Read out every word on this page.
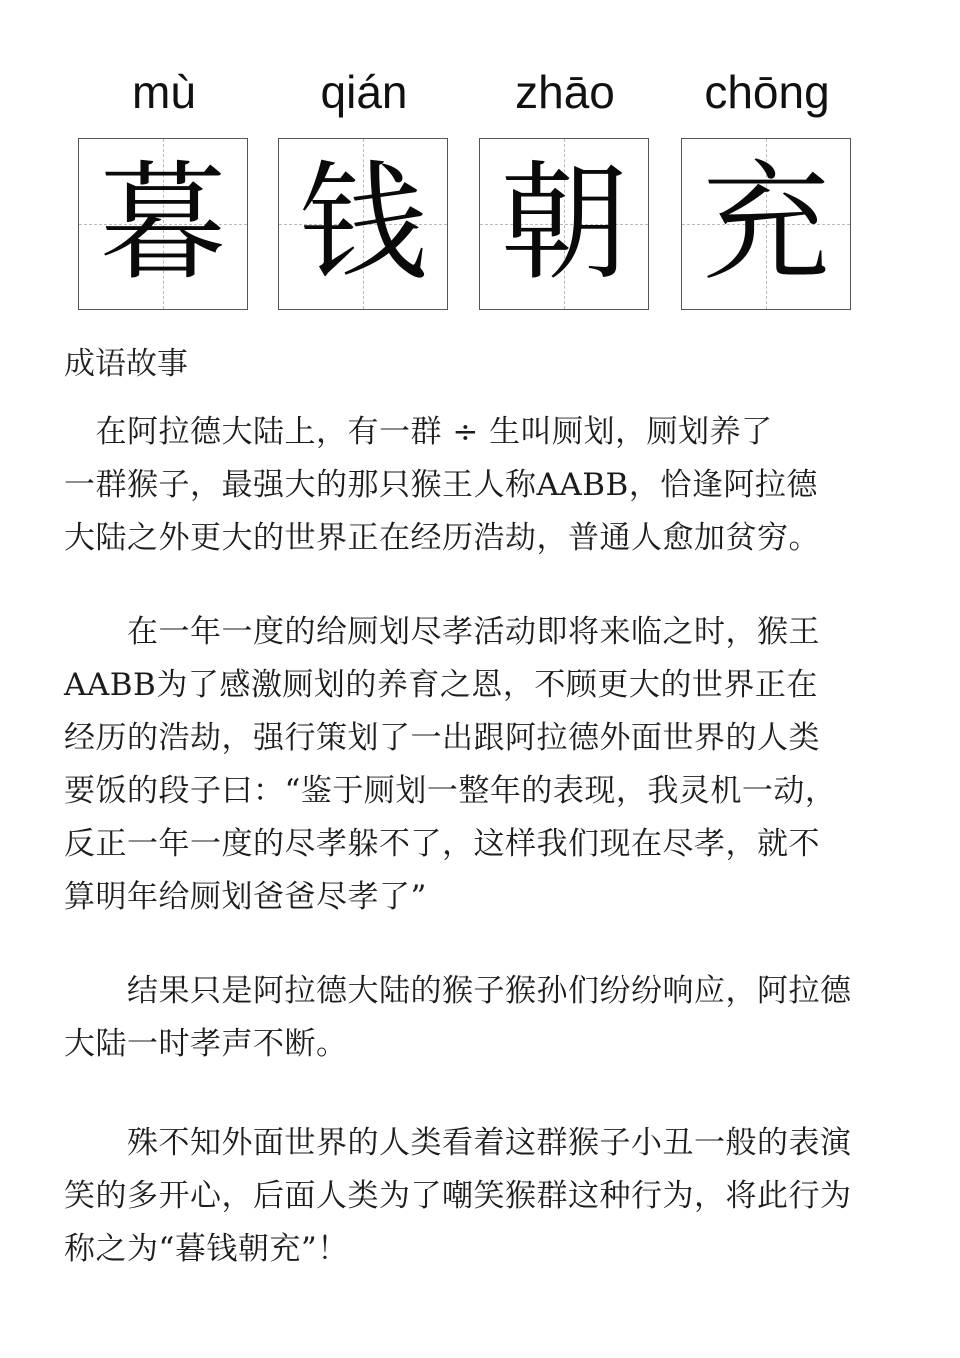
mù	qián	zhāo	chōng
暮 钱 朝 充
成语故事
　在阿拉德大陆上，有一群 ÷ 生叫厕划，厕划养了
一群猴子，最强大的那只猴王人称AABB，恰逢阿拉德
大陆之外更大的世界正在经历浩劫，普通人愈加贫穷。
　　在一年一度的给厕划尽孝活动即将来临之时，猴王
AABB为了感激厕划的养育之恩，不顾更大的世界正在
经历的浩劫，强行策划了一出跟阿拉德外面世界的人类
要饭的段子曰：“鉴于厕划一整年的表现，我灵机一动，
反正一年一度的尽孝躲不了，这样我们现在尽孝，就不
算明年给厕划爸爸尽孝了”
　　结果只是阿拉德大陆的猴子猴孙们纷纷响应，阿拉德
大陆一时孝声不断。
　　殊不知外面世界的人类看着这群猴子小丑一般的表演
笑的多开心，后面人类为了嘲笑猴群这种行为，将此行为
称之为“暮钱朝充”！
